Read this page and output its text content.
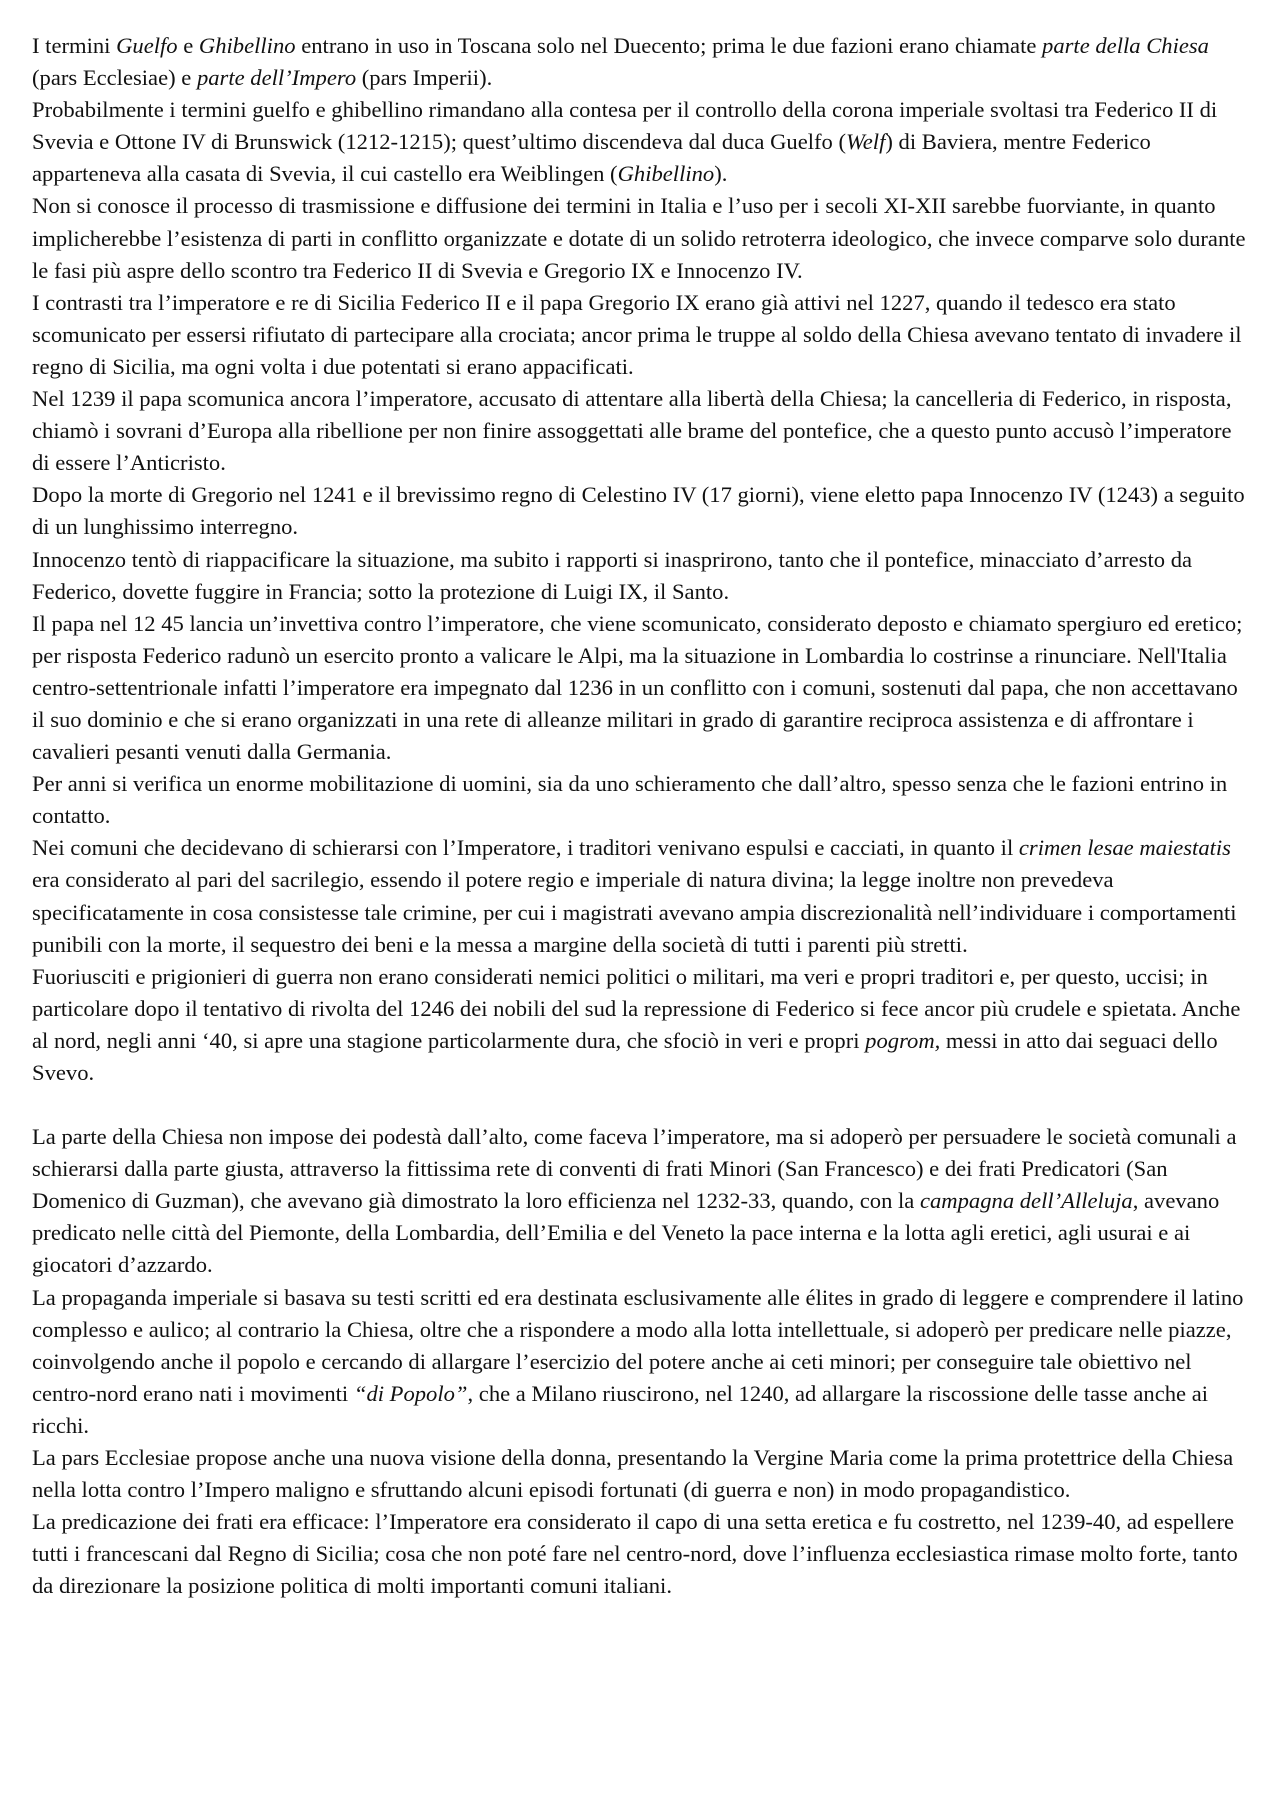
I termini Guelfo e Ghibellino entrano in uso in Toscana solo nel Duecento; prima le due fazioni erano chiamate parte della Chiesa (pars Ecclesiae) e parte dell’Impero (pars Imperii).

Probabilmente i termini guelfo e ghibellino rimandano alla contesa per il controllo della corona imperiale svoltasi tra Federico II di Svevia e Ottone IV di Brunswick (1212-1215); quest’ultimo discendeva dal duca Guelfo (Welf) di Baviera, mentre Federico apparteneva alla casata di Svevia, il cui castello era Weiblingen (Ghibellino).

Non si conosce il processo di trasmissione e diffusione dei termini in Italia e l’uso per i secoli XI-XII sarebbe fuorviante, in quanto implicherebbe l’esistenza di parti in conflitto organizzate e dotate di un solido retroterra ideologico, che invece comparve solo durante le fasi più aspre dello scontro tra Federico II di Svevia e Gregorio IX e Innocenzo IV.

I contrasti tra l’imperatore e re di Sicilia Federico II e il papa Gregorio IX erano già attivi nel 1227, quando il tedesco era stato scomunicato per essersi rifiutato di partecipare alla crociata; ancor prima le truppe al soldo della Chiesa avevano tentato di invadere il regno di Sicilia, ma ogni volta i due potentati si erano appacificati.

Nel 1239 il papa scomunica ancora l’imperatore, accusato di attentare alla libertà della Chiesa; la cancelleria di Federico, in risposta, chiamò i sovrani d’Europa alla ribellione per non finire assoggettati alle brame del pontefice, che a questo punto accusò l’imperatore di essere l’Anticristo.

Dopo la morte di Gregorio nel 1241 e il brevissimo regno di Celestino IV (17 giorni), viene eletto papa Innocenzo IV (1243) a seguito di un lunghissimo interregno.

Innocenzo tentò di riappacificare la situazione, ma subito i rapporti si inasprirono, tanto che il pontefice, minacciato d’arresto da Federico, dovette fuggire in Francia; sotto la protezione di Luigi IX, il Santo.

Il papa nel 12 45 lancia un’invettiva contro l’imperatore, che viene scomunicato, considerato deposto e chiamato spergiuro ed eretico; per risposta Federico radunò un esercito pronto a valicare le Alpi, ma la situazione in Lombardia lo costrinse a rinunciare. Nell'Italia centro-settentrionale infatti l’imperatore era impegnato dal 1236 in un conflitto con i comuni, sostenuti dal papa, che non accettavano il suo dominio e che si erano organizzati in una rete di alleanze militari in grado di garantire reciproca assistenza e di affrontare i cavalieri pesanti venuti dalla Germania.

Per anni si verifica un enorme mobilitazione di uomini, sia da uno schieramento che dall’altro, spesso senza che le fazioni entrino in contatto.

Nei comuni che decidevano di schierarsi con l’Imperatore, i traditori venivano espulsi e cacciati, in quanto il crimen lesae maiestatis era considerato al pari del sacrilegio, essendo il potere regio e imperiale di natura divina; la legge inoltre non prevedeva specificatamente in cosa consistesse tale crimine, per cui i magistrati avevano ampia discrezionalità nell’individuare i comportamenti punibili con la morte, il sequestro dei beni e la messa a margine della società di tutti i parenti più stretti.

Fuoriusciti e prigionieri di guerra non erano considerati nemici politici o militari, ma veri e propri traditori e, per questo, uccisi; in particolare dopo il tentativo di rivolta del 1246 dei nobili del sud la repressione di Federico si fece ancor più crudele e spietata. Anche al nord, negli anni ‘40, si apre una stagione particolarmente dura, che sfociò in veri e propri pogrom, messi in atto dai seguaci dello Svevo.

La parte della Chiesa non impose dei podestà dall’alto, come faceva l’imperatore, ma si adoperò per persuadere le società comunali a schierarsi dalla parte giusta, attraverso la fittissima rete di conventi di frati Minori (San Francesco) e dei frati Predicatori (San Domenico di Guzman), che avevano già dimostrato la loro efficienza nel 1232-33, quando, con la campagna dell’Alleluja, avevano predicato nelle città del Piemonte, della Lombardia, dell’Emilia e del Veneto la pace interna e la lotta agli eretici, agli usurai e ai giocatori d’azzardo.

La propaganda imperiale si basava su testi scritti ed era destinata esclusivamente alle élites in grado di leggere e comprendere il latino complesso e aulico; al contrario la Chiesa, oltre che a rispondere a modo alla lotta intellettuale, si adoperò per predicare nelle piazze, coinvolgendo anche il popolo e cercando di allargare l’esercizio del potere anche ai ceti minori; per conseguire tale obiettivo nel centro-nord erano nati i movimenti “di Popolo”, che a Milano riuscirono, nel 1240, ad allargare la riscossione delle tasse anche ai ricchi.

La pars Ecclesiae propose anche una nuova visione della donna, presentando la Vergine Maria come la prima protettrice della Chiesa nella lotta contro l’Impero maligno e sfruttando alcuni episodi fortunati (di guerra e non) in modo propagandistico.

La predicazione dei frati era efficace: l’Imperatore era considerato il capo di una setta eretica e fu costretto, nel 1239-40, ad espellere tutti i francescani dal Regno di Sicilia; cosa che non poté fare nel centro-nord, dove l’influenza ecclesiastica rimase molto forte, tanto da direzionare la posizione politica di molti importanti comuni italiani.
